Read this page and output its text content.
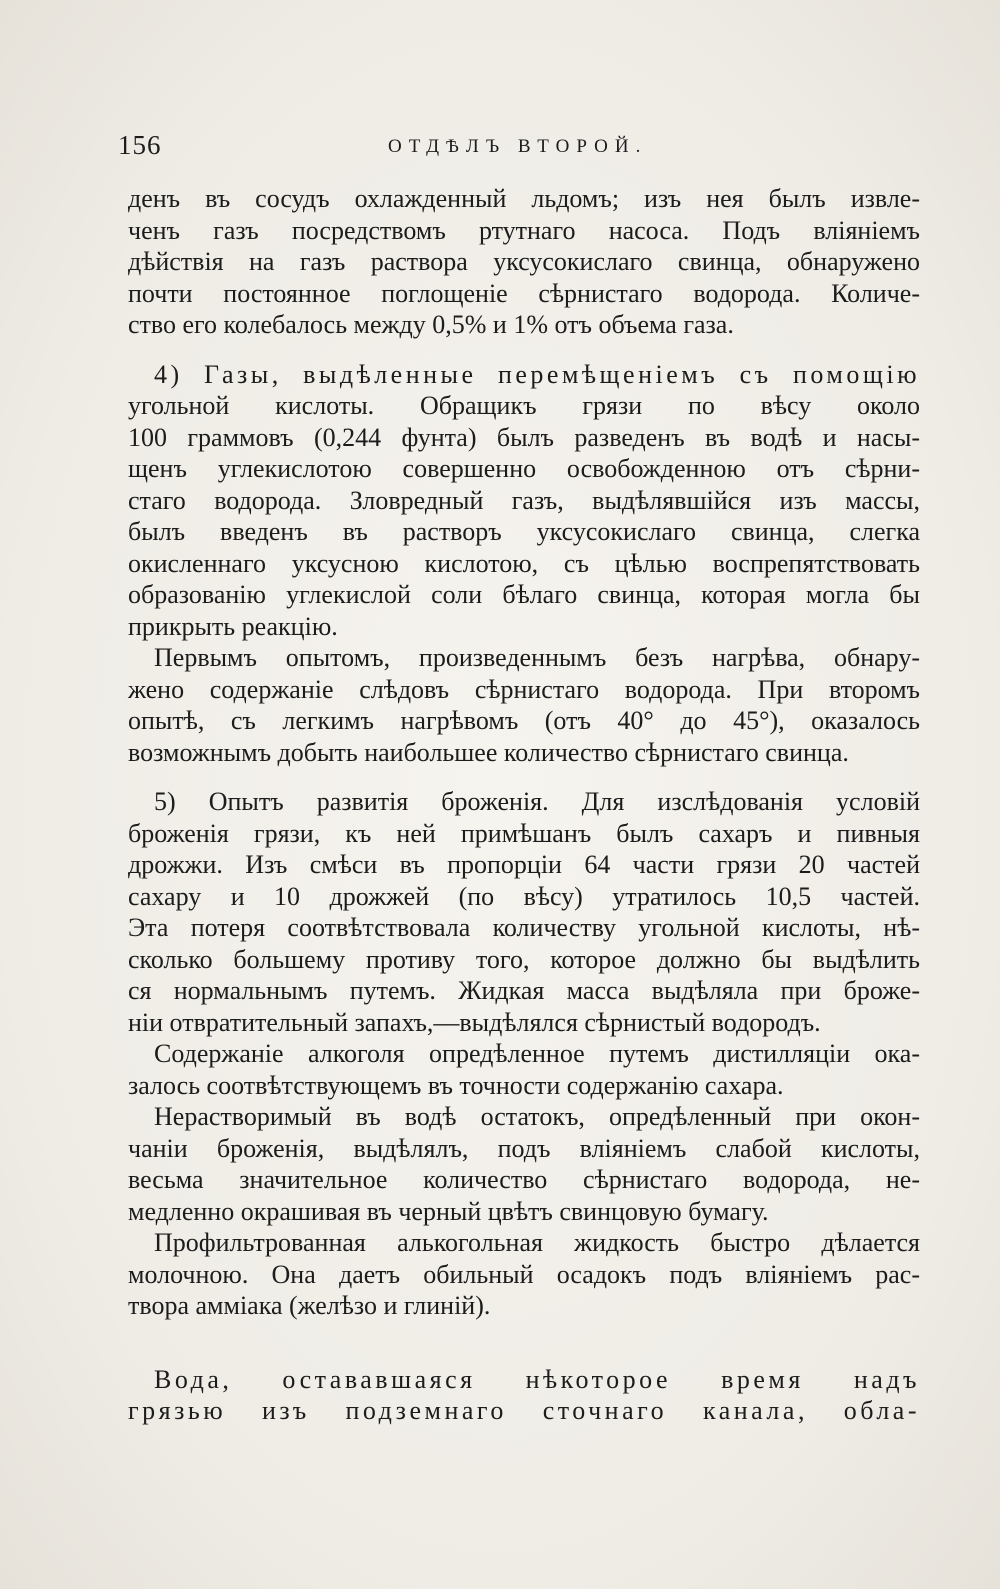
156	ОТДѢЛЪ ВТОРОЙ.
денъ въ сосудъ охлажденный льдомъ; изъ нея былъ извле-
ченъ газъ посредствомъ ртутнаго насоса. Подъ вліяніемъ
дѣйствія на газъ раствора уксусокислаго свинца, обнаружено
почти постоянное поглощеніе сѣрнистаго водорода. Количе-
ство его колебалось между 0,5% и 1% отъ объема газа.
4) Газы, выдѣленные перемѣщеніемъ съ помощію
угольной кислоты. Обращикъ грязи по вѣсу около
100 граммовъ (0,244 фунта) былъ разведенъ въ водѣ и насы-
щенъ углекислотою совершенно освобожденною отъ сѣрни-
стаго водорода. Зловредный газъ, выдѣлявшійся изъ массы,
былъ введенъ въ растворъ уксусокислаго свинца, слегка
окисленнаго уксусною кислотою, съ цѣлью воспрепятствовать
образованію углекислой соли бѣлаго свинца, которая могла бы
прикрыть реакцію.
Первымъ опытомъ, произведеннымъ безъ нагрѣва, обнару-
жено содержаніе слѣдовъ сѣрнистаго водорода. При второмъ
опытѣ, съ легкимъ нагрѣвомъ (отъ 40° до 45°), оказалось
возможнымъ добыть наибольшее количество сѣрнистаго свинца.
5) Опытъ развитія броженія. Для изслѣдованія условій
броженія грязи, къ ней примѣшанъ былъ сахаръ и пивныя
дрожжи. Изъ смѣси въ пропорціи 64 части грязи 20 частей
сахару и 10 дрожжей (по вѣсу) утратилось 10,5 частей.
Эта потеря соотвѣтствовала количеству угольной кислоты, нѣ-
сколько большему противу того, которое должно бы выдѣлить
ся нормальнымъ путемъ. Жидкая масса выдѣляла при броже-
ніи отвратительный запахъ,—выдѣлялся сѣрнистый водородъ.
Содержаніе алкоголя опредѣленное путемъ дистилляціи ока-
залось соотвѣтствующемъ въ точности содержанію сахара.
Нерастворимый въ водѣ остатокъ, опредѣленный при окон-
чаніи броженія, выдѣлялъ, подъ вліяніемъ слабой кислоты,
весьма значительное количество сѣрнистаго водорода, не-
медленно окрашивая въ черный цвѣтъ свинцовую бумагу.
Профильтрованная алькогольная жидкость быстро дѣлается
молочною. Она даетъ обильный осадокъ подъ вліяніемъ рас-
твора амміака (желѣзо и глиній).
Вода, остававшаяся нѣкоторое время надъ
грязью изъ подземнаго сточнаго канала, обла-
